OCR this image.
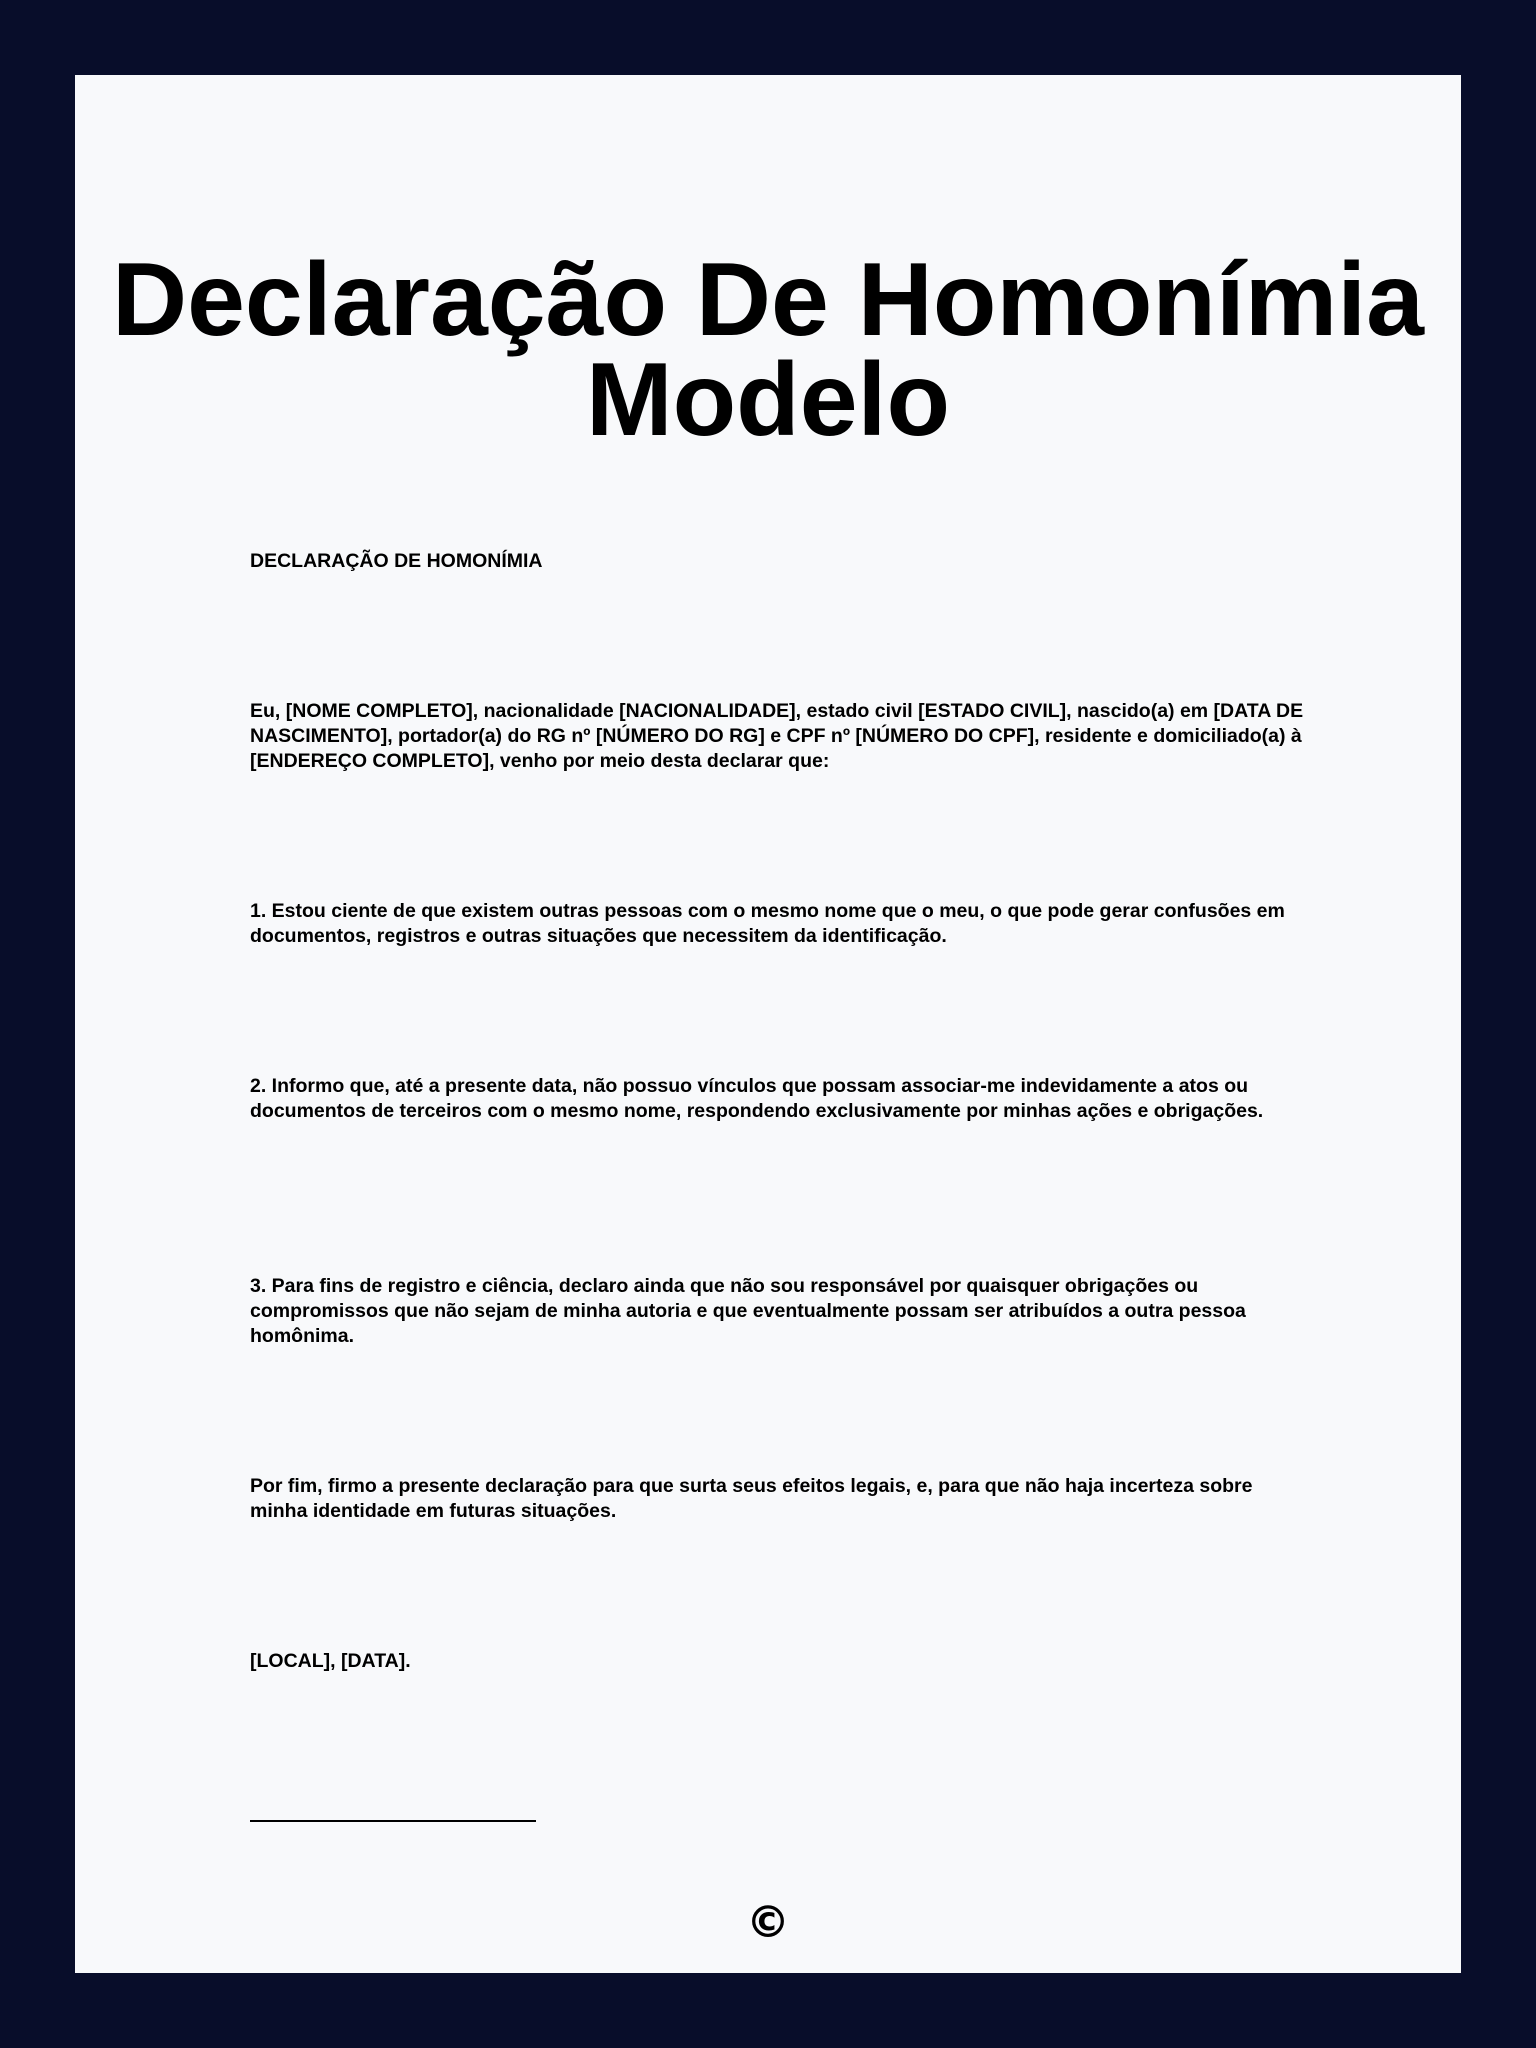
Declaração De Homonímia
Modelo

DECLARAÇÃO DE HOMONÍMIA

Eu, [NOME COMPLETO], nacionalidade [NACIONALIDADE], estado civil [ESTADO CIVIL], nascido(a) em [DATA DE NASCIMENTO], portador(a) do RG nº [NÚMERO DO RG] e CPF nº [NÚMERO DO CPF], residente e domiciliado(a) à [ENDEREÇO COMPLETO], venho por meio desta declarar que:

1. Estou ciente de que existem outras pessoas com o mesmo nome que o meu, o que pode gerar confusões em documentos, registros e outras situações que necessitem da identificação.

2. Informo que, até a presente data, não possuo vínculos que possam associar-me indevidamente a atos ou documentos de terceiros com o mesmo nome, respondendo exclusivamente por minhas ações e obrigações.

3. Para fins de registro e ciência, declaro ainda que não sou responsável por quaisquer obrigações ou compromissos que não sejam de minha autoria e que eventualmente possam ser atribuídos a outra pessoa homônima.

Por fim, firmo a presente declaração para que surta seus efeitos legais, e, para que não haja incerteza sobre minha identidade em futuras situações.

[LOCAL], [DATA].

©
